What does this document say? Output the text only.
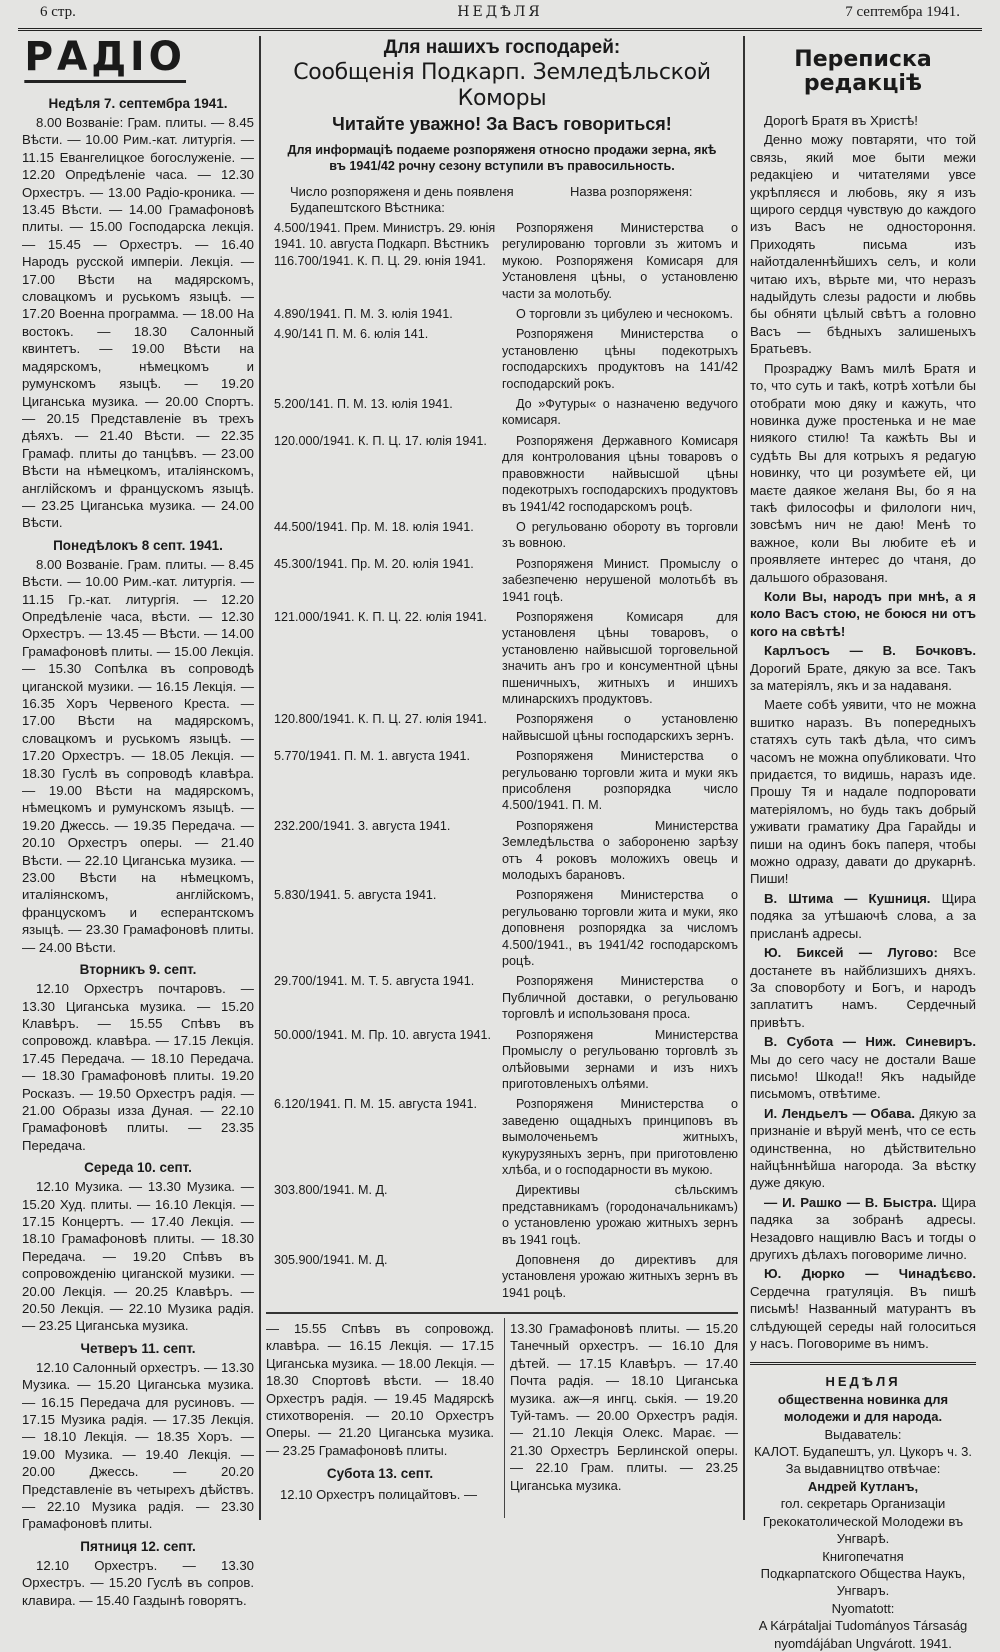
6 стр.	НЕДѢЛЯ	7 септембра 1941.
РАДІО
Недѣля 7. септембра 1941.

8.00 Возванie: Грам. плиты. — 8.45 Вѣсти. — 10.00 Рим.-кат. литургія. — 11.15 Евангелицкое богослуженіе. — 12.20 Опредѣленіе часа. — 12.30 Орхестръ. — 13.00 Радіо-кроника. — 13.45 Вѣсти. — 14.00 Грамафоновѣ плиты. — 15.00 Господарска лекція. — 15.45 — Орхестръ. — 16.40 Народъ русской имперіи. Лекція. — 17.00 Вѣсти на мадярскомъ, словацкомъ и руськомъ языцѣ. — 17.20 Военна программа. — 18.00 На востокъ. — 18.30 Салонный квинтетъ. — 19.00 Вѣсти на мадярскомъ, нѣмецкомъ и румунскомъ языцѣ. — 19.20 Циганська музика. — 20.00 Спортъ. — 20.15 Представленіе въ трехъ дѣяхъ. — 21.40 Вѣсти. — 22.35 Грамаф. плиты до танцѣвъ. — 23.00 Вѣсти на нѣмецкомъ, италіянскомъ, англійскомъ и францускомъ языцѣ. — 23.25 Циганська музика. — 24.00 Вѣсти.

Понедѣлокъ 8 септ. 1941.

8.00 Возванie. Грам. плиты. — 8.45 Вѣсти. — 10.00 Рим.-кат. литургія. — 11.15 Гр.-кат. литургія. — 12.20 Опредѣленіе часа, вѣсти. — 12.30 Орхестръ. — 13.45 — Вѣсти. — 14.00 Грамафоновѣ плиты. — 15.00 Лекція. — 15.30 Сопѣлка въ сопроводѣ циганской музики. — 16.15 Лекція. — 16.35 Хоръ Червеного Креста. — 17.00 Вѣсти на мадярскомъ, словацкомъ и руськомъ языцѣ. — 17.20 Орхестръ. — 18.05 Лекція. — 18.30 Гуслѣ въ сопроводѣ клавѣра. — 19.00 Вѣсти на мадярскомъ, нѣмецкомъ и румунскомъ языцѣ. — 19.20 Джессь. — 19.35 Передача. — 20.10 Орхестръ оперы. — 21.40 Вѣсти. — 22.10 Циганська музика. — 23.00 Вѣсти на нѣмецкомъ, италіянскомъ, англійскомъ, францускомъ и есперантскомъ языцѣ. — 23.30 Грамафоновѣ плиты. — 24.00 Вѣсти.

Вторникъ 9. септ.

12.10 Орхестръ почтаровъ. — 13.30 Циганська музика. — 15.20 Клавѣръ. — 15.55 Спѣвъ въ сопровожд. клавѣра. — 17.15 Лекція. 17.45 Передача. — 18.10 Передача. — 18.30 Грамафоновѣ плиты. 19.20 Росказъ. — 19.50 Орхестръ радія. — 21.00 Образы изза Дуная. — 22.10 Грамафоновѣ плиты. — 23.35 Передача.

Середа 10. септ.

12.10 Музика. — 13.30 Музика. — 15.20 Худ. плиты. — 16.10 Лекція. — 17.15 Концертъ. — 17.40 Лекція. — 18.10 Грамафоновѣ плиты. — 18.30 Передача. — 19.20 Спѣвъ въ сопровожденію циганской музики. — 20.00 Лекція. — 20.25 Клавѣръ. — 20.50 Лекція. — 22.10 Музика радія. — 23.25 Циганська музика.

Четверъ 11. септ.

12.10 Салонный орхестръ. — 13.30 Музика. — 15.20 Циганська музика. — 16.15 Передача для русиновъ. — 17.15 Музика радія. — 17.35 Лекція. — 18.10 Лекція. — 18.35 Хоръ. — 19.00 Музика. — 19.40 Лекція. — 20.00 Джессь. — 20.20 Представленіе въ четырехъ дѣйствъ. — 22.10 Музика радія. — 23.30 Грамафоновѣ плиты.

Пятниця 12. септ.

12.10 Орхестръ. — 13.30 Орхестръ. — 15.20 Гуслѣ въ сопров. клавира. — 15.40 Газдынѣ говорятъ.

Для нашихъ господарей:
Сообщенія Подкарп. Земледѣльской Коморы
Читайте уважно! За Васъ говориться!
Для информацiѣ подаеме розпоряженя относно продажи зерна, якѣ въ 1941/42 рочну сезону вступили въ правосильность.
Число розпоряженя и день появленя Будапештского Вѣстника:
Назва розпоряженя:
4.500/1941. Прем. Министръ. 29. юнія 1941. 10. августа Подкарп. Вѣстникъ 116.700/1941. К. П. Ц. 29. юнія 1941.
Розпоряженя Министерства о регулированю торговли зъ житомъ и мукою. Розпоряженя Комисаря для Установленя цѣны, о установленю части за молотьбу.
4.890/1941. П. М. 3. юлія 1941.	О торговли зъ цибулею и чеснокомъ.
4.90/141 П. М. 6. юлія 141.	Розпоряженя Министерства о установленю цѣны подекотрыхъ господарскихъ продуктовъ на 141/42 господарский рокъ.
5.200/141. П. М. 13. юлія 1941.	До »Футуры« о назначеню ведучого комисаря.
120.000/1941. К. П. Ц. 17. юлія 1941.	Розпоряженя Державного Комисаря для контролования цѣны товаровъ о правовжности найвысшой цѣны подекотрыхъ господарскихъ продуктовъ въ 1941/42 господарскомъ роцѣ.
44.500/1941. Пр. М. 18. юлія 1941.	О регульованю обороту въ торговли зъ вовною.
45.300/1941. Пр. М. 20. юлія 1941.	Розпоряженя Минист. Промыслу о забезпеченю нерушеной молотьбѣ въ 1941 гоцѣ.
121.000/1941. К. П. Ц. 22. юлія 1941.	Розпоряженя Комисаря для установленя цѣны товаровъ, о установленю найвысшой торговельной значить анъ гро и консументной цѣны пшеничныхъ, житныхъ и иншихъ млинарскихъ продуктовъ.
120.800/1941. К. П. Ц. 27. юлія 1941.	Розпоряженя о установленю найвысшой цѣны господарскихъ зернъ.
5.770/1941. П. М. 1. августа 1941.	Розпоряженя Министерства о регульованю торговли жита и муки якъ присобленя розпорядка число 4.500/1941. П. М.
232.200/1941. 3. августа 1941.	Розпоряженя Министерства Земледѣльства о забороненю зарѣзу отъ 4 роковъ моложихъ овець и молодыхъ барановъ.
5.830/1941. 5. августа 1941.	Розпоряженя Министерства о регульованю торговли жита и муки, яко доповненя розпорядка за числомъ 4.500/1941., въ 1941/42 господарскомъ роцѣ.
29.700/1941. М. Т. 5. августа 1941.	Розпоряженя Министерства о Публичной доставки, о регульованю торговлѣ и использованя проса.
50.000/1941. М. Пр. 10. августа 1941.	Розпоряженя Министерства Промыслу о регульованю торговлѣ зъ олѣйовыми зернами и изъ нихъ приготовленыхъ олѣями.
6.120/1941. П. М. 15. августа 1941.	Розпоряженя Министерства о заведеню ощадныхъ принциповъ въ вымолоченьемъ житныхъ, кукурузяныхъ зернъ, при приготовленю хлѣба, и о господарности въ мукою.
303.800/1941. М. Д.	Директивы сѣльскимъ представникамъ (городоначальникамъ) о установленю урожаю житныхъ зернъ въ 1941 гоцѣ.
305.900/1941. М. Д.	Доповненя до директивъ для установленя урожаю житныхъ зернъ въ 1941 роцѣ.
— 15.55 Спѣвъ въ сопровожд. клавѣра. — 16.15 Лекція. — 17.15 Циганська музика. — 18.00 Лекція. — 18.30 Спортовѣ вѣсти. — 18.40 Орхестръ радія. — 19.45 Мадярскѣ стихотворенія. — 20.10 Орхестръ Оперы. — 21.20 Циганська музика. — 23.25 Грамафоновѣ плиты.
Субота 13. септ.
12.10 Орхестръ полицайтовъ. —
13.30 Грамафоновѣ плиты. — 15.20 Танечный орхестръ. — 16.10 Для дѣтей. — 17.15 Клавѣръ. — 17.40 Почта радія. — 18.10 Циганська музика. аж—я ингц. ськія. — 19.20 Туй-тамъ. — 20.00 Орхестръ радія. — 21.10 Лекція Олекс. Марає. — 21.30 Орхестръ Берлинской оперы. — 22.10 Грам. плиты. — 23.25 Циганська музика.
Переписка редакціѣ

Дорогѣ Братя въ Христѣ!

Денно можу повтаряти, что той связь, який мое быти межи редакціею и читателями увсе укрѣпляєся и любовь, яку я изъ щирого сердця чувствую до каждого изъ Васъ не одностороння. Приходять письма изъ найотдаленнѣйшихъ селъ, и коли читаю ихъ, вѣрьте ми, что неразъ надыйдуть слезы радости и любвь бы обняти цѣлый свѣтъ а головно Васъ — бѣдныхъ залишеныхъ Братьевъ.

Прозраджу Вамъ милѣ Братя и то, что суть и такѣ, котрѣ хотѣли бы отобрати мою дяку и кажуть, что новинка дуже простенька и не мае ниякого стилю! Та кажѣть Вы и судѣть Вы для котрыхъ я редагую новинку, что ци розумѣете ей, ци маєте даякое желаня Вы, бо я на такѣ философы и филологи нич, зовсѣмъ нич не даю! Менѣ то важное, коли Вы любите еѣ и проявляете интерес до чтаня, до дальшого образованя.

Коли Вы, народъ при мнѣ, а я коло Васъ стою, не боюся ни отъ кого на свѣтѣ!

Карлъосъ — В. Бочковъ. Дорогий Брате, дякую за все. Такъ за матеріялъ, якъ и за надаваня.

Маете собѣ уявити, что не можна вшитко наразъ. Въ попередныхъ статяхъ суть такѣ дѣла, что симъ часомъ не можна опубликовати. Что придаєтся, то видишь, наразъ иде. Прошу Тя и надале подпоровати матеріяломъ, но будь такъ добрый уживати граматику Дра Гарайды и пиши на одинъ бокъ паперя, чтобы можно одразу, давати до друкарнѣ. Пиши!

В. Штима — Кушниця. Щира подяка за утѣшаючѣ слова, а за присланѣ адресы.

Ю. Биксей — Лугово: Все достанете въ найблизшихъ дняхъ. За споворботу и Богъ, и народъ заплатитъ намъ. Сердечный привѣтъ.

В. Субота — Ниж. Синевиръ. Мы до сего часу не достали Ваше письмо! Шкода!! Якъ надыйде письмомъ, отвѣтиме.

И. Лендьелъ — Обава. Дякую за признаніе и вѣруй менѣ, что се есть одинственна, но дѣйствительно найцѣннѣйша нагорода. За вѣстку дуже дякую.

— И. Рашко — В. Быстра. Щира падяка за зобранѣ адресы. Незадовго нащивлю Васъ и тогды о другихъ дѣлахъ поговориме лично.

Ю. Дюрко — Чинадѣєво. Сердечна гратуляція. Въ пишѣ письмѣ! Названный матурантъ въ слѣдующей середы най голоситься у насъ. Поговориме въ нимъ.

НЕДѢЛЯ
общественна новинка для молодежи и для народа.
Выдаватель:
КАЛОТ. Будапештъ, ул. Цукоръ ч. 3.
За выдавництво отвѣчае:
Андрей Кутланъ,
гол. секретарь Организаціи Грекокатолической Молодежи въ Унгварѣ.
Книгопечатня
Подкарпатского Общества Наукъ, Унгваръ.
Nyomatott:
A Kárpátaljai Tudományos Társaság nyomdájában Ungvárott. 1941.
